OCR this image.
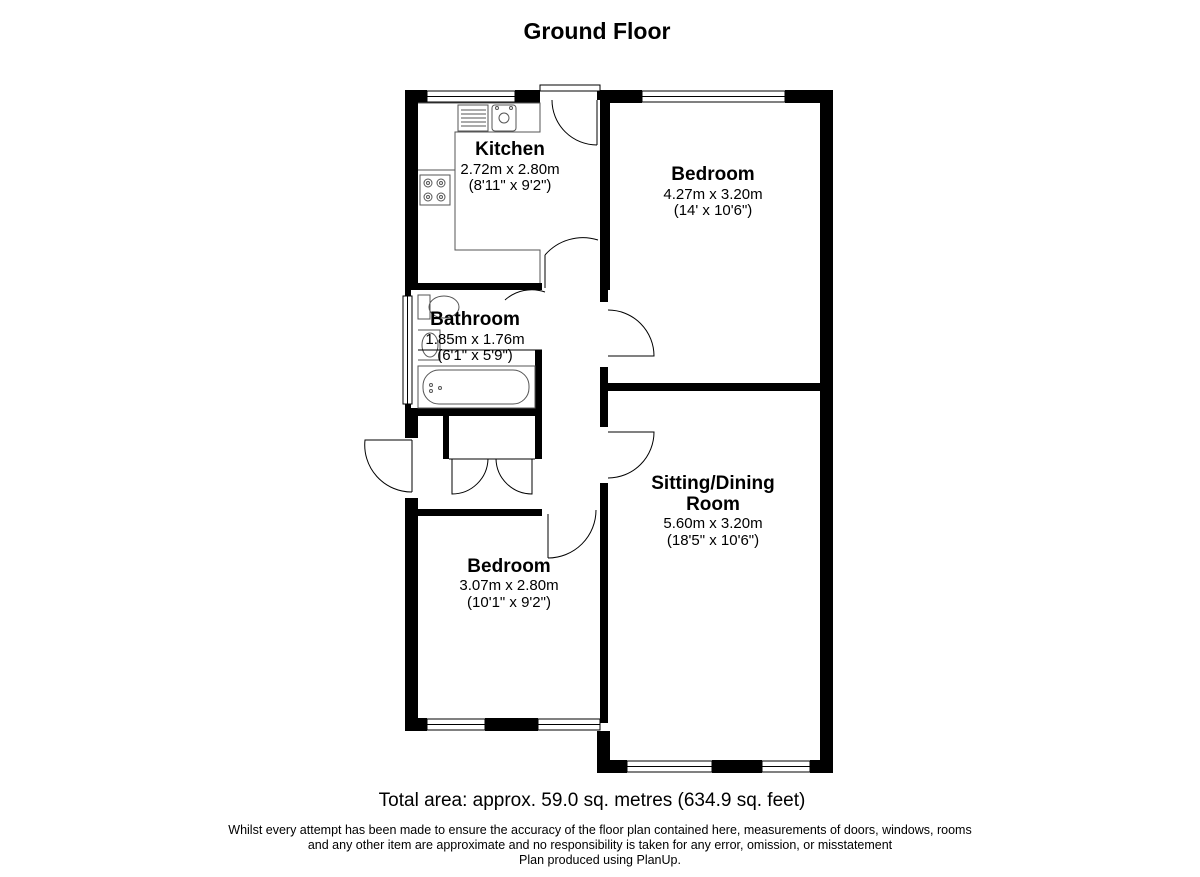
Ground Floor
Kitchen
2.72m x 2.80m
(8'11" x 9'2")
Bedroom
4.27m x 3.20m
(14' x 10'6")
Bathroom
1.85m x 1.76m
(6'1" x 5'9")
Sitting/Dining
Room
5.60m x 3.20m
(18'5" x 10'6")
Bedroom
3.07m x 2.80m
(10'1" x 9'2")
Total area: approx. 59.0 sq. metres (634.9 sq. feet)
Whilst every attempt has been made to ensure the accuracy of the floor plan contained here, measurements of doors, windows, rooms
and any other item are approximate and no responsibility is taken for any error, omission, or misstatement
Plan produced using PlanUp.
